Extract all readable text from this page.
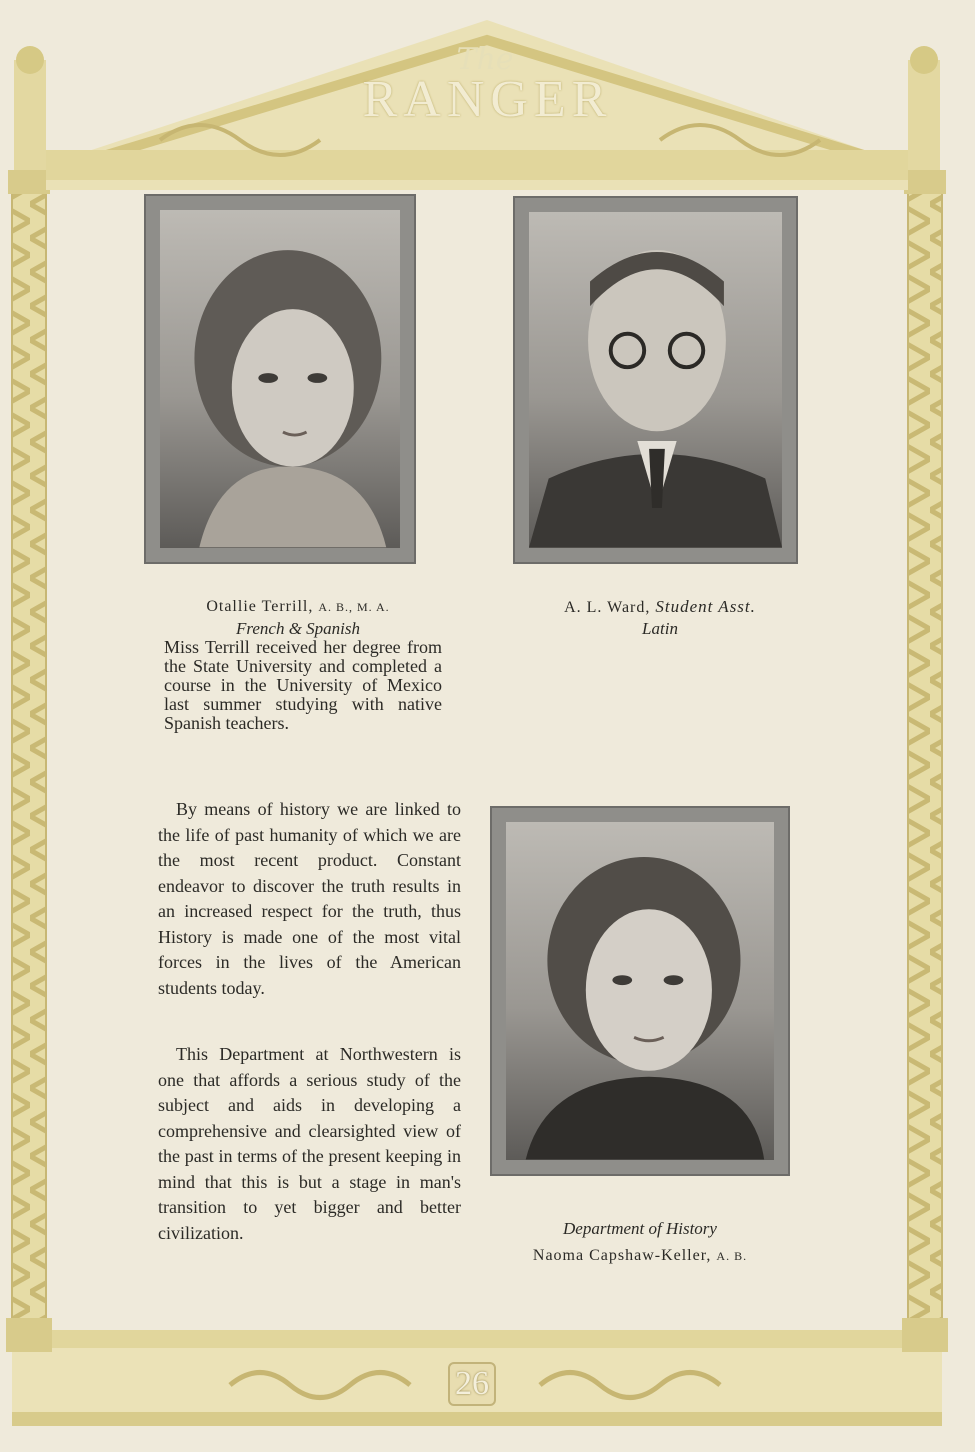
The
RANGER
Otallie Terrill, A. B., M. A.
French & Spanish
A. L. Ward, Student Asst.
Latin
Miss Terrill received her degree from the State University and completed a course in the University of Mexico last summer studying with native Spanish teachers.

By means of history we are linked to the life of past humanity of which we are the most recent product. Constant endeavor to discover the truth results in an increased respect for the truth, thus History is made one of the most vital forces in the lives of the American students today.

This Department at Northwestern is one that affords a serious study of the subject and aids in developing a comprehensive and clearsighted view of the past in terms of the present keeping in mind that this is but a stage in man's transition to yet bigger and better civilization.	Department of History
Naoma Capshaw-Keller, A. B.
26
